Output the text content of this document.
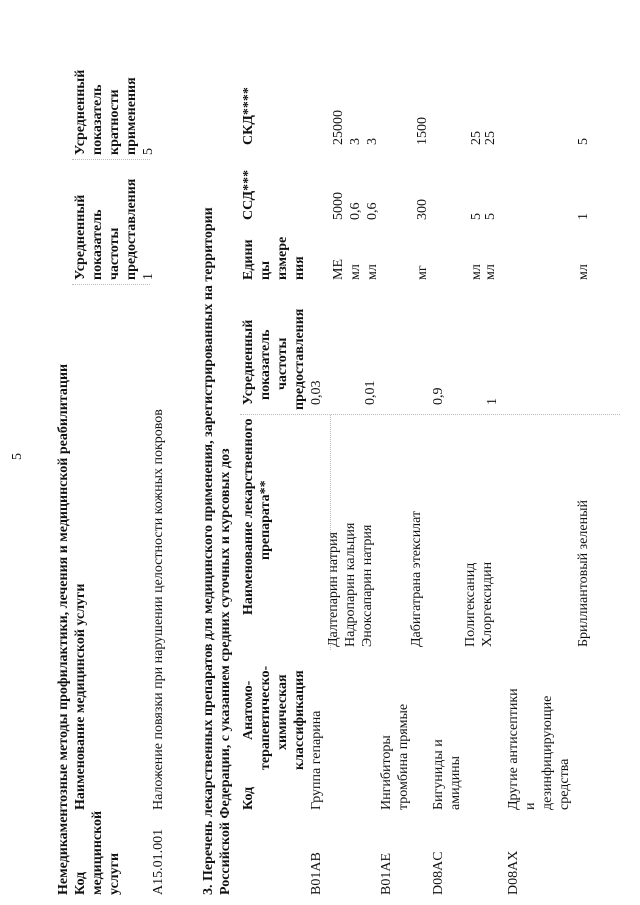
5 Немедикаментозные методы профилактики, лечения и медицинской реабилитации Код медицинской услуги
Наименование медицинской услуги
Усредненный показатель частоты предоставления
Усредненный показатель кратности применения
A15.01.001
Наложение повязки при нарушении целостности кожных покровов
1
5
3. Перечень лекарственных препаратов для медицинского применения, зарегистрированных на территории Российской Федерации, с указанием средних суточных и курсовых доз Код
Анатомо- терапевтическо- химическая классификация
Наименование лекарственного препарата**
Усредненный показатель частоты предоставления
Едини цы измере ния
ССД***
СКД****
B01AB
Группа гепарина
0,03
Далтепарин натрия
МЕ
5000
25000
Надропарин кальция
мл
0,6
3
Эноксапарин натрия
мл
0,6
3
B01AE
Ингибиторы тромбина прямые
0,01
Дабигатрана этексилат
мг
300
1500
D08AC
Бигуниды и амидины
0,9
Полигексанид
мл
5
25
Хлоргексидин
мл
5
25
D08AX
Другие антисептики и дезинфицирующие средства
1
Бриллиантовый зеленый
мл
1
5
